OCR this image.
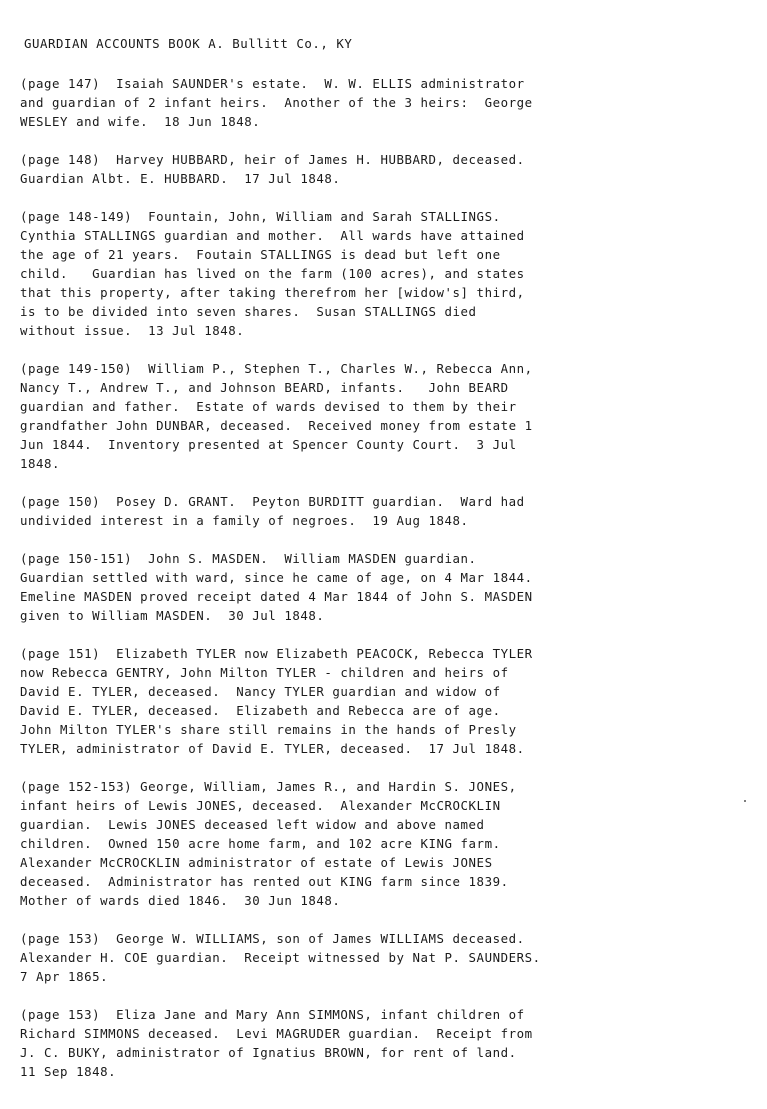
GUARDIAN ACCOUNTS BOOK A. Bullitt Co., KY
(page 147)  Isaiah SAUNDER's estate.  W. W. ELLIS administrator
and guardian of 2 infant heirs.  Another of the 3 heirs:  George
WESLEY and wife.  18 Jun 1848.
(page 148)  Harvey HUBBARD, heir of James H. HUBBARD, deceased.
Guardian Albt. E. HUBBARD.  17 Jul 1848.
(page 148-149)  Fountain, John, William and Sarah STALLINGS.
Cynthia STALLINGS guardian and mother.  All wards have attained
the age of 21 years.  Foutain STALLINGS is dead but left one
child.   Guardian has lived on the farm (100 acres), and states
that this property, after taking therefrom her [widow's] third,
is to be divided into seven shares.  Susan STALLINGS died
without issue.  13 Jul 1848.
(page 149-150)  William P., Stephen T., Charles W., Rebecca Ann,
Nancy T., Andrew T., and Johnson BEARD, infants.   John BEARD
guardian and father.  Estate of wards devised to them by their
grandfather John DUNBAR, deceased.  Received money from estate 1
Jun 1844.  Inventory presented at Spencer County Court.  3 Jul
1848.
(page 150)  Posey D. GRANT.  Peyton BURDITT guardian.  Ward had
undivided interest in a family of negroes.  19 Aug 1848.
(page 150-151)  John S. MASDEN.  William MASDEN guardian.
Guardian settled with ward, since he came of age, on 4 Mar 1844.
Emeline MASDEN proved receipt dated 4 Mar 1844 of John S. MASDEN
given to William MASDEN.  30 Jul 1848.
(page 151)  Elizabeth TYLER now Elizabeth PEACOCK, Rebecca TYLER
now Rebecca GENTRY, John Milton TYLER - children and heirs of
David E. TYLER, deceased.  Nancy TYLER guardian and widow of
David E. TYLER, deceased.  Elizabeth and Rebecca are of age.
John Milton TYLER's share still remains in the hands of Presly
TYLER, administrator of David E. TYLER, deceased.  17 Jul 1848.
(page 152-153) George, William, James R., and Hardin S. JONES,
infant heirs of Lewis JONES, deceased.  Alexander McCROCKLIN
guardian.  Lewis JONES deceased left widow and above named
children.  Owned 150 acre home farm, and 102 acre KING farm.
Alexander McCROCKLIN administrator of estate of Lewis JONES
deceased.  Administrator has rented out KING farm since 1839.
Mother of wards died 1846.  30 Jun 1848.
(page 153)  George W. WILLIAMS, son of James WILLIAMS deceased.
Alexander H. COE guardian.  Receipt witnessed by Nat P. SAUNDERS.
7 Apr 1865.
(page 153)  Eliza Jane and Mary Ann SIMMONS, infant children of
Richard SIMMONS deceased.  Levi MAGRUDER guardian.  Receipt from
J. C. BUKY, administrator of Ignatius BROWN, for rent of land.
11 Sep 1848.
